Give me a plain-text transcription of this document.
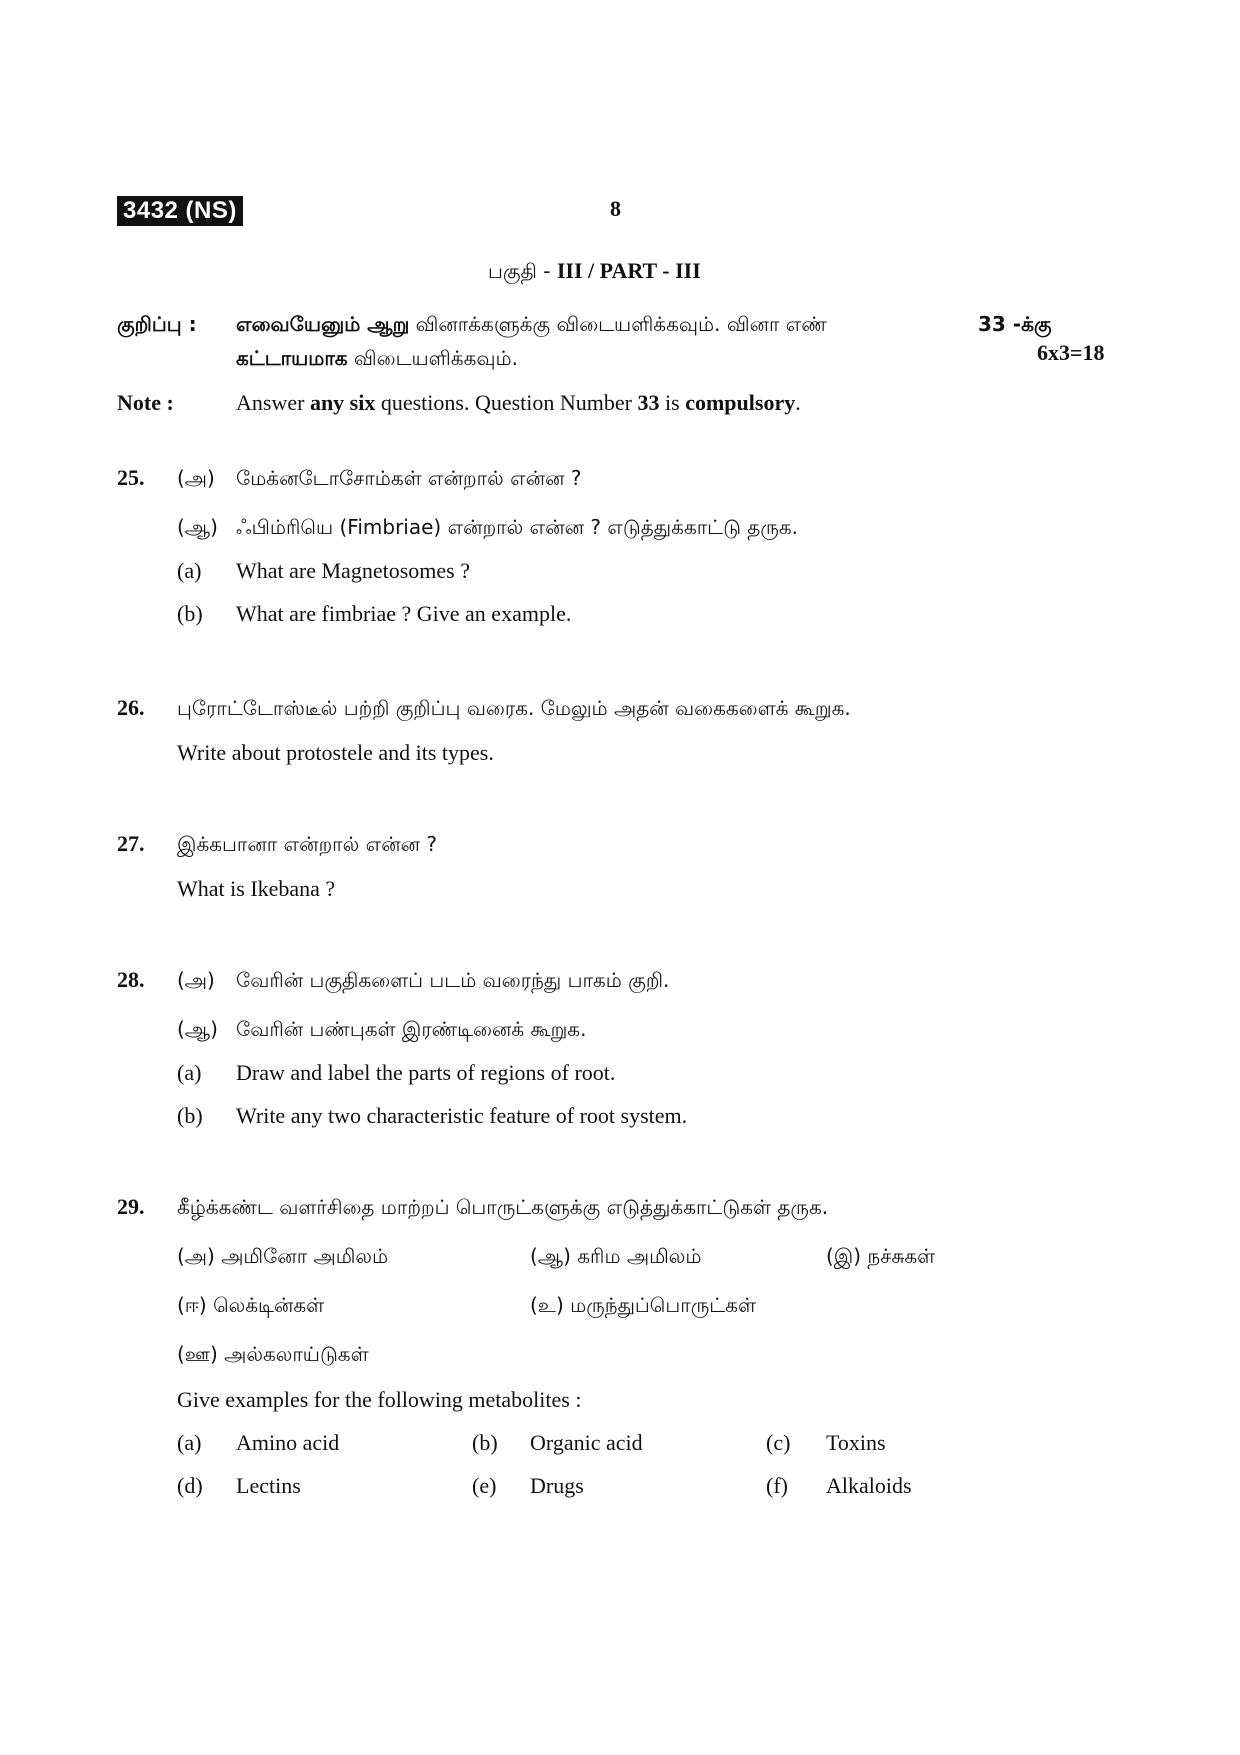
3432 (NS)	8
பகுதி - III / PART - III
குறிப்பு : எவையேனும் ஆறு வினாக்களுக்கு விடையளிக்கவும். வினா எண்	33 -க்கு
கட்டாயமாக விடையளிக்கவும்.	6x3=18
Note :	Answer any six questions. Question Number 33 is compulsory.
25. (அ) மேக்னடோசோம்கள் என்றால் என்ன ?
(ஆ) ஃபிம்ரியெ (Fimbriae) என்றால் என்ன ? எடுத்துக்காட்டு தருக.
(a) What are Magnetosomes ?
(b) What are fimbriae ? Give an example.
26. புரோட்டோஸ்டீல் பற்றி குறிப்பு வரைக. மேலும் அதன் வகைகளைக் கூறுக.
Write about protostele and its types.
27. இக்கபானா என்றால் என்ன ?
What is Ikebana ?
28. (அ) வேரின் பகுதிகளைப் படம் வரைந்து பாகம் குறி.
(ஆ) வேரின் பண்புகள் இரண்டினைக் கூறுக.
(a) Draw and label the parts of regions of root.
(b) Write any two characteristic feature of root system.
29. கீழ்க்கண்ட வளர்சிதை மாற்றப் பொருட்களுக்கு எடுத்துக்காட்டுகள் தருக.
(அ) அமினோ அமிலம்	(ஆ) கரிம அமிலம்	(இ) நச்சுகள்
(ஈ) லெக்டின்கள்	(உ) மருந்துப்பொருட்கள்
(ஊ) அல்கலாய்டுகள்
Give examples for the following metabolites :
(a) Amino acid	(b) Organic acid	(c) Toxins
(d) Lectins	(e) Drugs	(f) Alkaloids
